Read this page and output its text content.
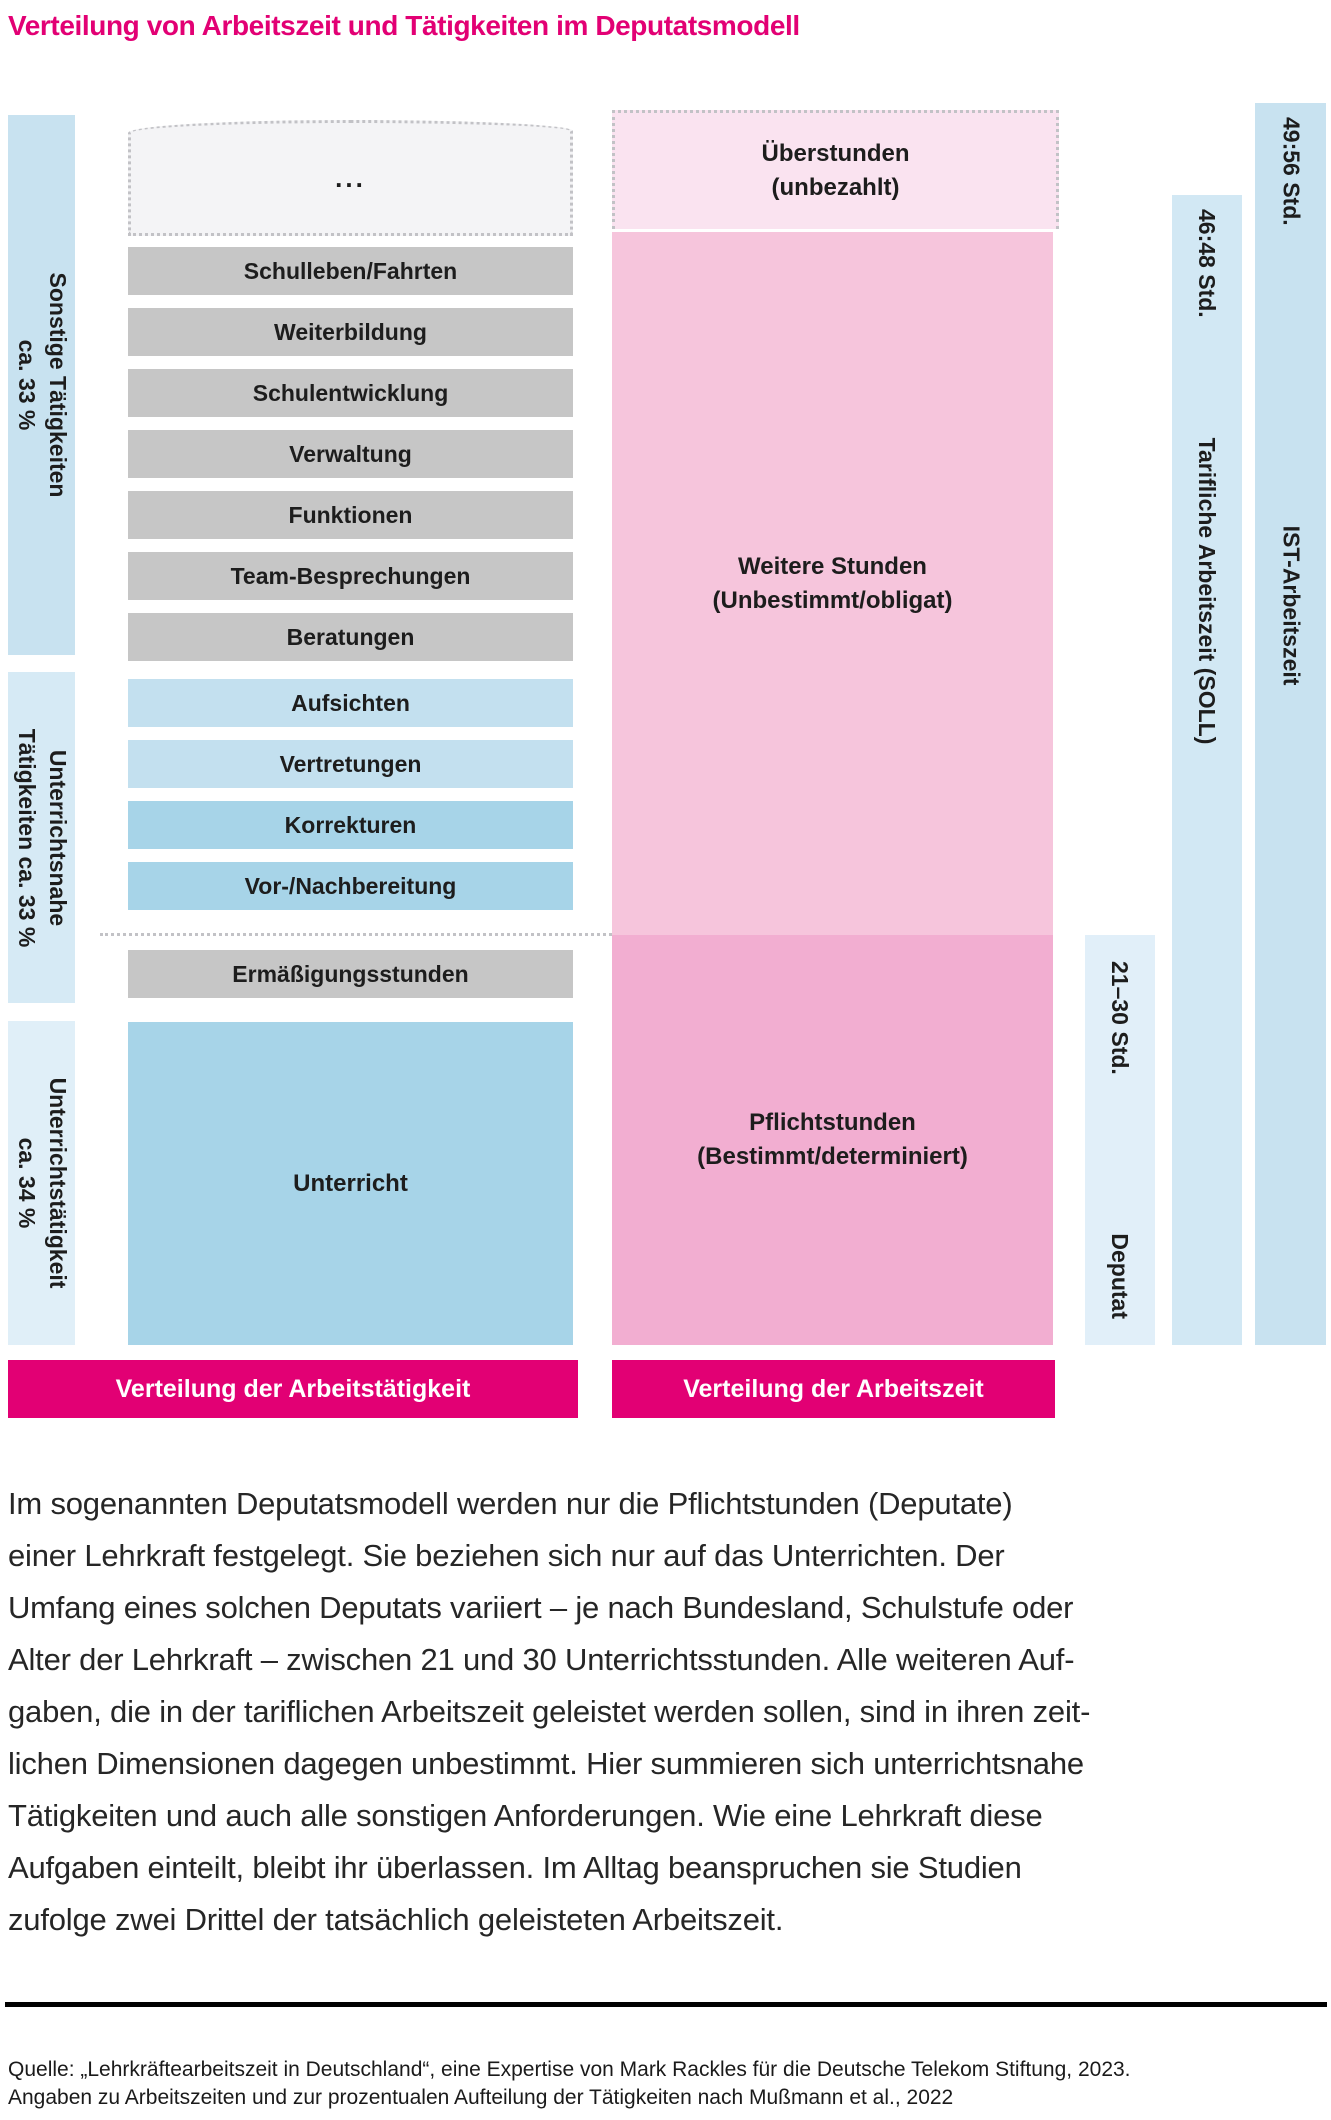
Verteilung von Arbeitszeit und Tätigkeiten im Deputatsmodell
Sonstige Tätigkeiten
ca. 33 %
Unterrichtsnahe
Tätigkeiten ca. 33 %
Unterrichtstätigkeit
ca. 34 %
...
Schulleben/Fahrten
Weiterbildung
Schulentwicklung
Verwaltung
Funktionen
Team-Besprechungen
Beratungen
Aufsichten
Vertretungen
Korrekturen
Vor-/Nachbereitung
Ermäßigungsstunden
Unterricht
Überstunden
(unbezahlt)
Weitere Stunden
(Unbestimmt/obligat)
Pflichtstunden
(Bestimmt/determiniert)
21–30 Std.
Deputat
46:48 Std.
Tarifliche Arbeitszeit (SOLL)
49:56 Std.
IST-Arbeitszeit
Verteilung der Arbeitstätigkeit	Verteilung der Arbeitszeit
Im sogenannten Deputatsmodell werden nur die Pflichtstunden (Deputate)
einer Lehrkraft festgelegt. Sie beziehen sich nur auf das Unterrichten. Der
Umfang eines solchen Deputats variiert – je nach Bundesland, Schulstufe oder
Alter der Lehrkraft – zwischen 21 und 30 Unterrichtsstunden. Alle weiteren Auf-
gaben, die in der tariflichen Arbeitszeit geleistet werden sollen, sind in ihren zeit-
lichen Dimensionen dagegen unbestimmt. Hier summieren sich unterrichtsnahe
Tätigkeiten und auch alle sonstigen Anforderungen. Wie eine Lehrkraft diese
Aufgaben einteilt, bleibt ihr überlassen. Im Alltag beanspruchen sie Studien
zufolge zwei Drittel der tatsächlich geleisteten Arbeitszeit.
Quelle: „Lehrkräftearbeitszeit in Deutschland“, eine Expertise von Mark Rackles für die Deutsche Telekom Stiftung, 2023.
Angaben zu Arbeitszeiten und zur prozentualen Aufteilung der Tätigkeiten nach Mußmann et al., 2022
